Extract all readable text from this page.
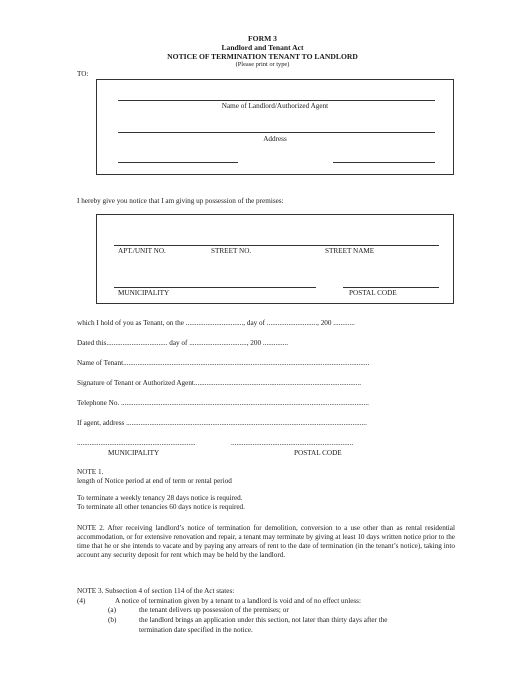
FORM 3
Landlord and Tenant Act
NOTICE OF TERMINATION TENANT TO LANDLORD
(Please print or type)
TO:
Name of Landlord/Authorized Agent
Address
I hereby give you notice that I am giving up possession of the premises:
APT./UNIT NO.	STREET NO.	STREET NAME
MUNICIPALITY	POSTAL CODE
which I hold of you as Tenant, on the ................................, day of ............................, 200 ............
Dated this.................................. day of ................................, 200 ..............
Name of Tenant.........................................................................................................................................
Signature of Tenant or Authorized Agent.............................................................................................
Telephone No. ..........................................................................................................................................
If agent, address ......................................................................................................................................
..................................................................	....................................................................
MUNICIPALITY	POSTAL CODE
NOTE 1.
length of Notice period at end of term or rental period
To terminate a weekly tenancy 28 days notice is required.
To terminate all other tenancies 60 days notice is required.
NOTE 2. After receiving landlord’s notice of termination for demolition, conversion to a use other than as rental residential accommodation, or for extensive renovation and repair, a tenant may terminate by giving at least 10 days written notice prior to the time that he or she intends to vacate and by paying any arrears of rent to the date of termination (in the tenant’s notice), taking into account any security deposit for rent which may be held by the landlord.
NOTE 3. Subsection 4 of section 114 of the Act states:
(4)	A notice of termination given by a tenant to a landlord is void and of no effect unless:
(a)	the tenant delivers up possession of the premises; or
(b)	the landlord brings an application under this section, not later than thirty days after the
termination date specified in the notice.
